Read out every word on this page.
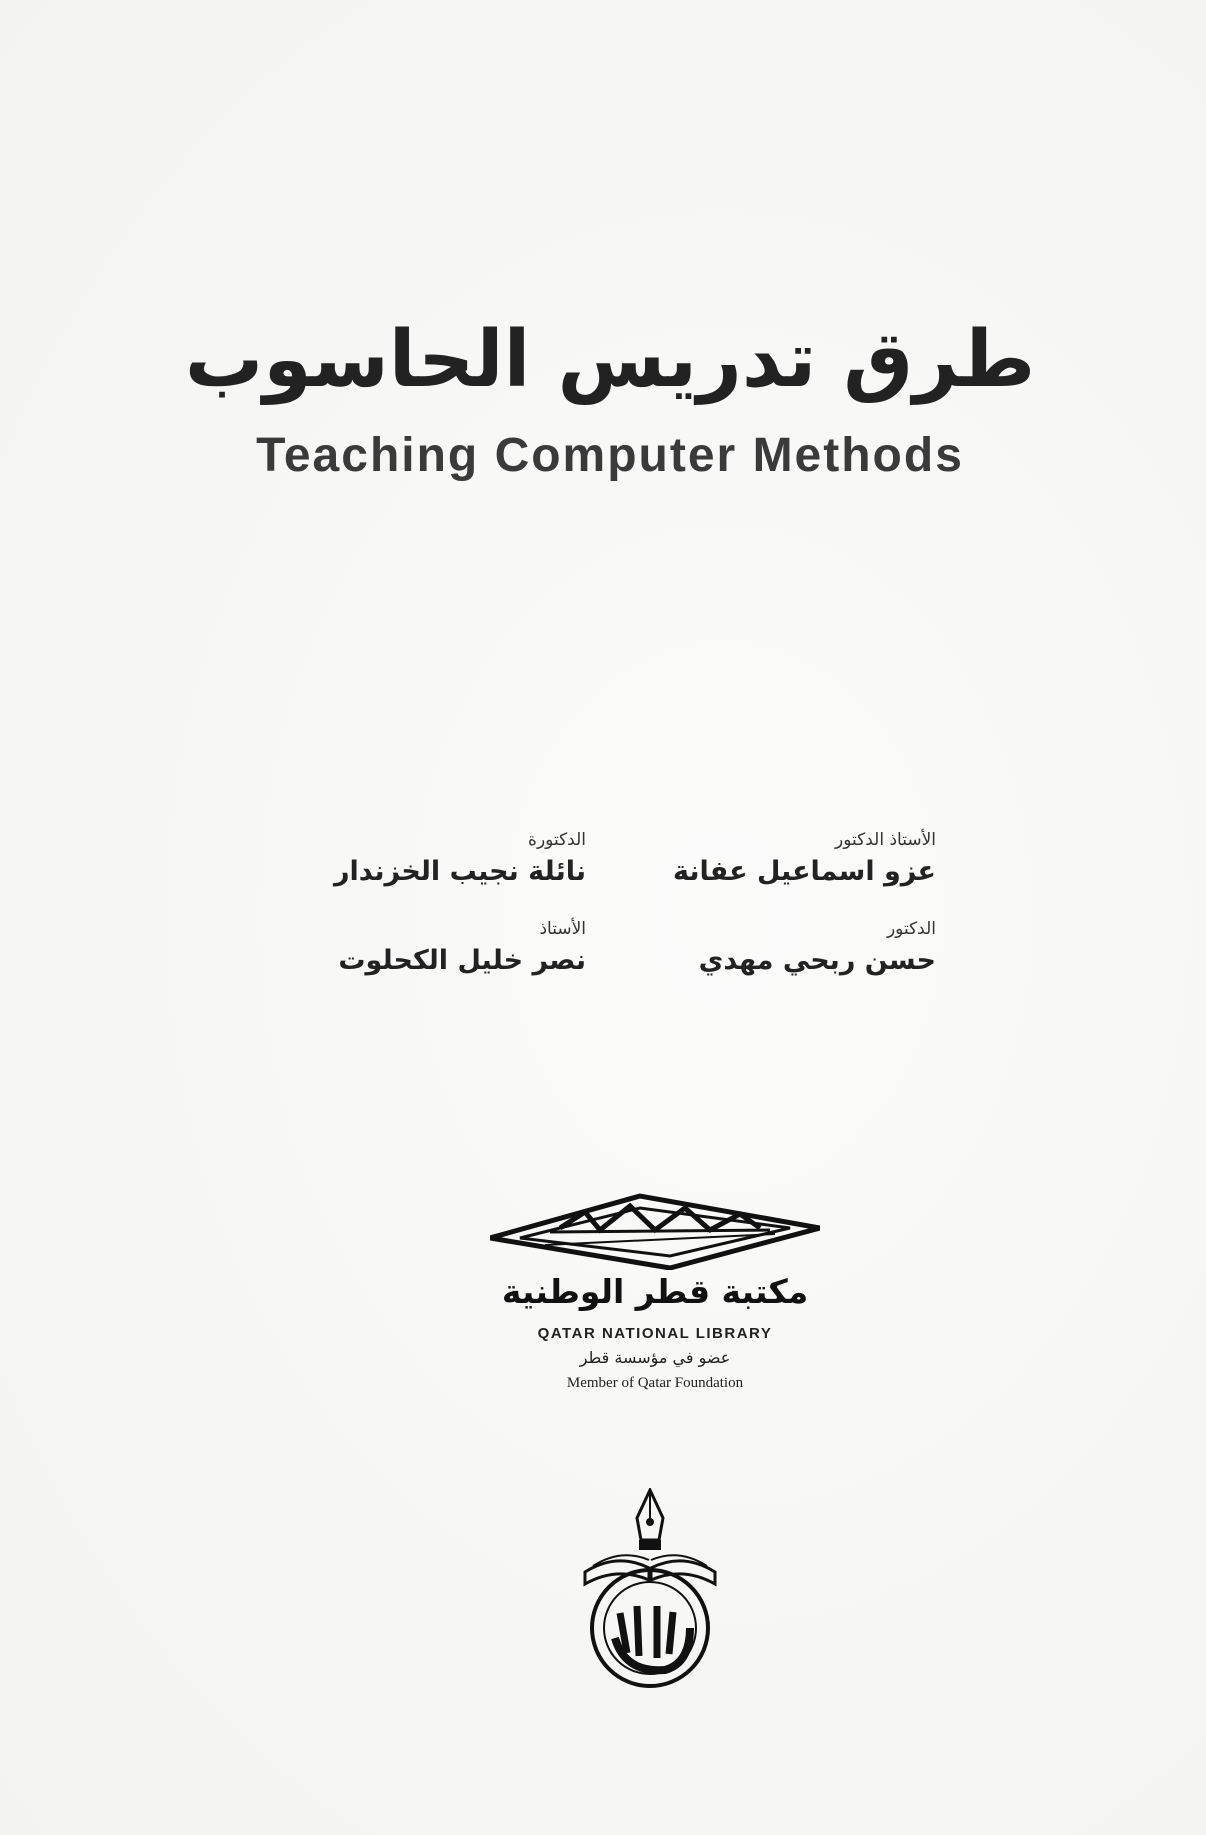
طرق تدريس الحاسوب
Teaching Computer Methods
الأستاذ الدكتور
عزو اسماعيل عفانة
الدكتورة
نائلة نجيب الخزندار
الدكتور
حسن ربحي مهدي
الأستاذ
نصر خليل الكحلوت
مكتبة قطر الوطنية
QATAR NATIONAL LIBRARY
عضو في مؤسسة قطر
Member of Qatar Foundation
